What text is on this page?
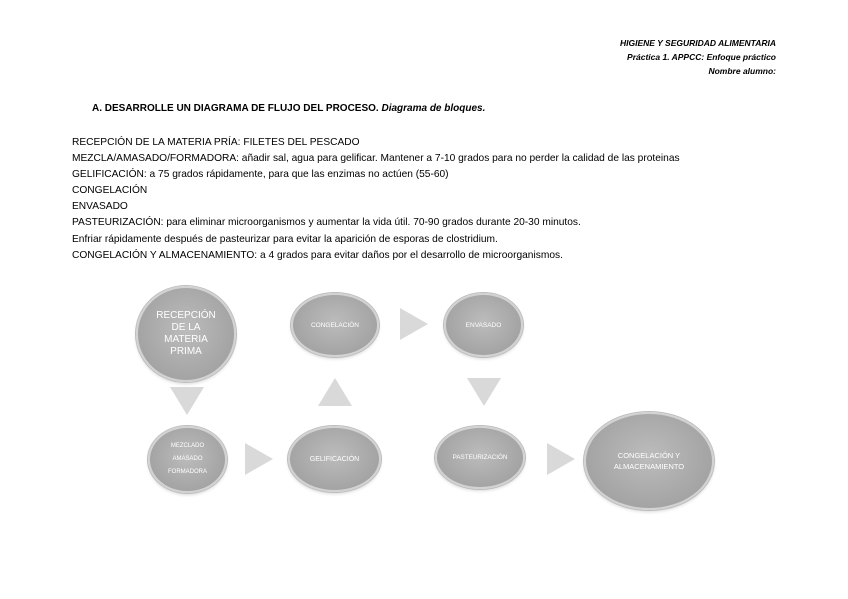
HIGIENE Y SEGURIDAD ALIMENTARIA
Práctica 1. APPCC: Enfoque práctico
Nombre alumno:
A. DESARROLLE UN DIAGRAMA DE FLUJO DEL PROCESO. Diagrama de bloques.
RECEPCIÓN DE LA MATERIA PRÍA: FILETES DEL PESCADO
MEZCLA/AMASADO/FORMADORA: añadir sal, agua para gelificar. Mantener a 7-10 grados para no perder la calidad de las proteinas
GELIFICACIÓN: a 75 grados rápidamente, para que las enzimas no actúen (55-60)
CONGELACIÓN
ENVASADO
PASTEURIZACIÓN: para eliminar microorganismos y aumentar la vida útil. 70-90 grados durante 20-30 minutos.
Enfriar rápidamente después de pasteurizar para evitar la aparición de esporas de clostridium.
CONGELACIÓN Y ALMACENAMIENTO: a 4 grados para evitar daños por el desarrollo de microorganismos.
RECEPCIÓN
DE LA
MATERIA
PRIMA
CONGELACIÓN	ENVASADO
MEZCLADO
AMASADO
FORMADORA
GELIFICACIÓN	PASTEURIZACIÓN	CONGELACIÓN Y
ALMACENAMIENTO
